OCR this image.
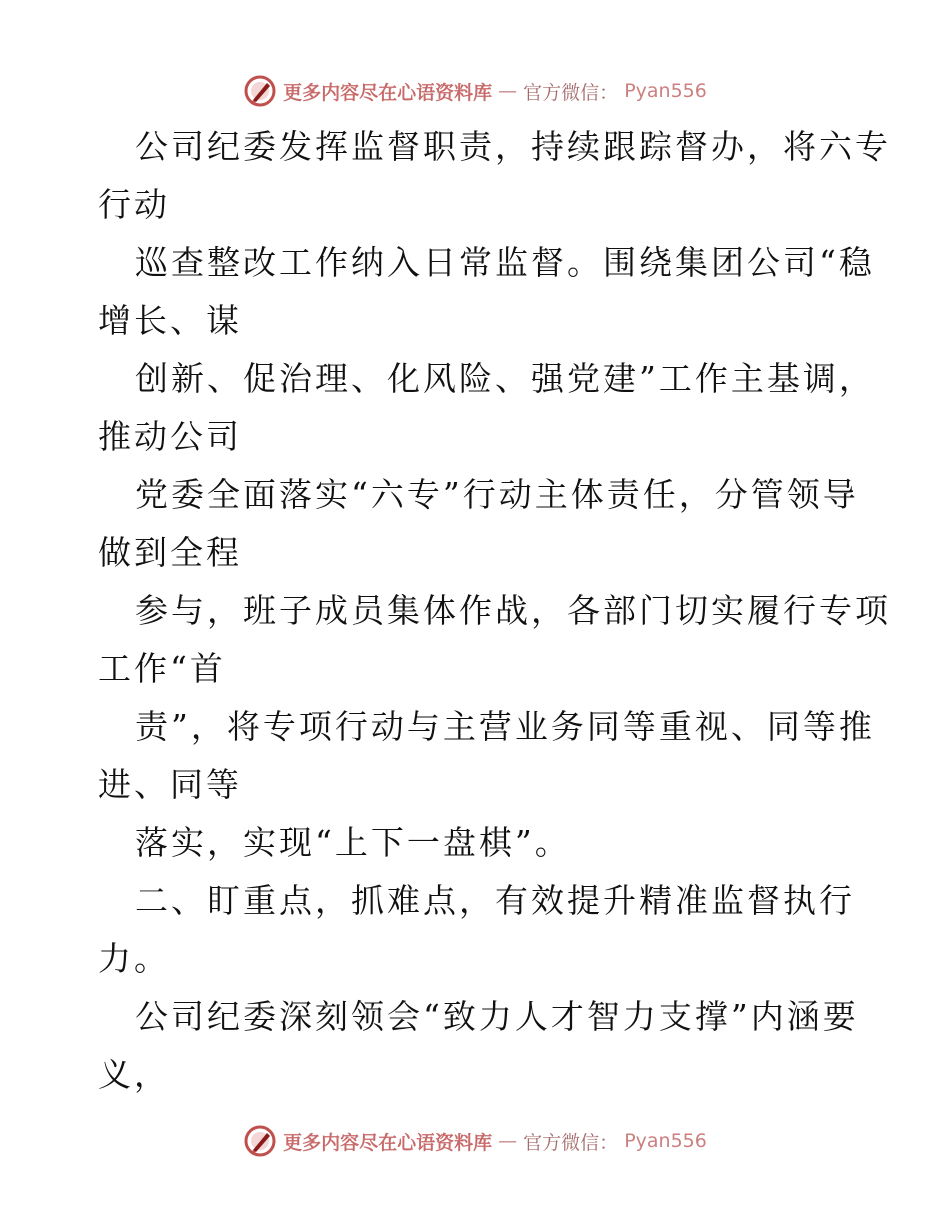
更多内容尽在心语资料库 — 官方微信： Pyan556
公司纪委发挥监督职责，持续跟踪督办，将六专
行动
巡查整改工作纳入日常监督。围绕集团公司“稳
增长、谋
创新、促治理、化风险、强党建”工作主基调，
推动公司
党委全面落实“六专”行动主体责任，分管领导
做到全程
参与，班子成员集体作战，各部门切实履行专项
工作“首
责”，将专项行动与主营业务同等重视、同等推
进、同等
落实，实现“上下一盘棋”。
二、盯重点，抓难点，有效提升精准监督执行
力。
公司纪委深刻领会“致力人才智力支撑”内涵要
义，
更多内容尽在心语资料库 — 官方微信： Pyan556
